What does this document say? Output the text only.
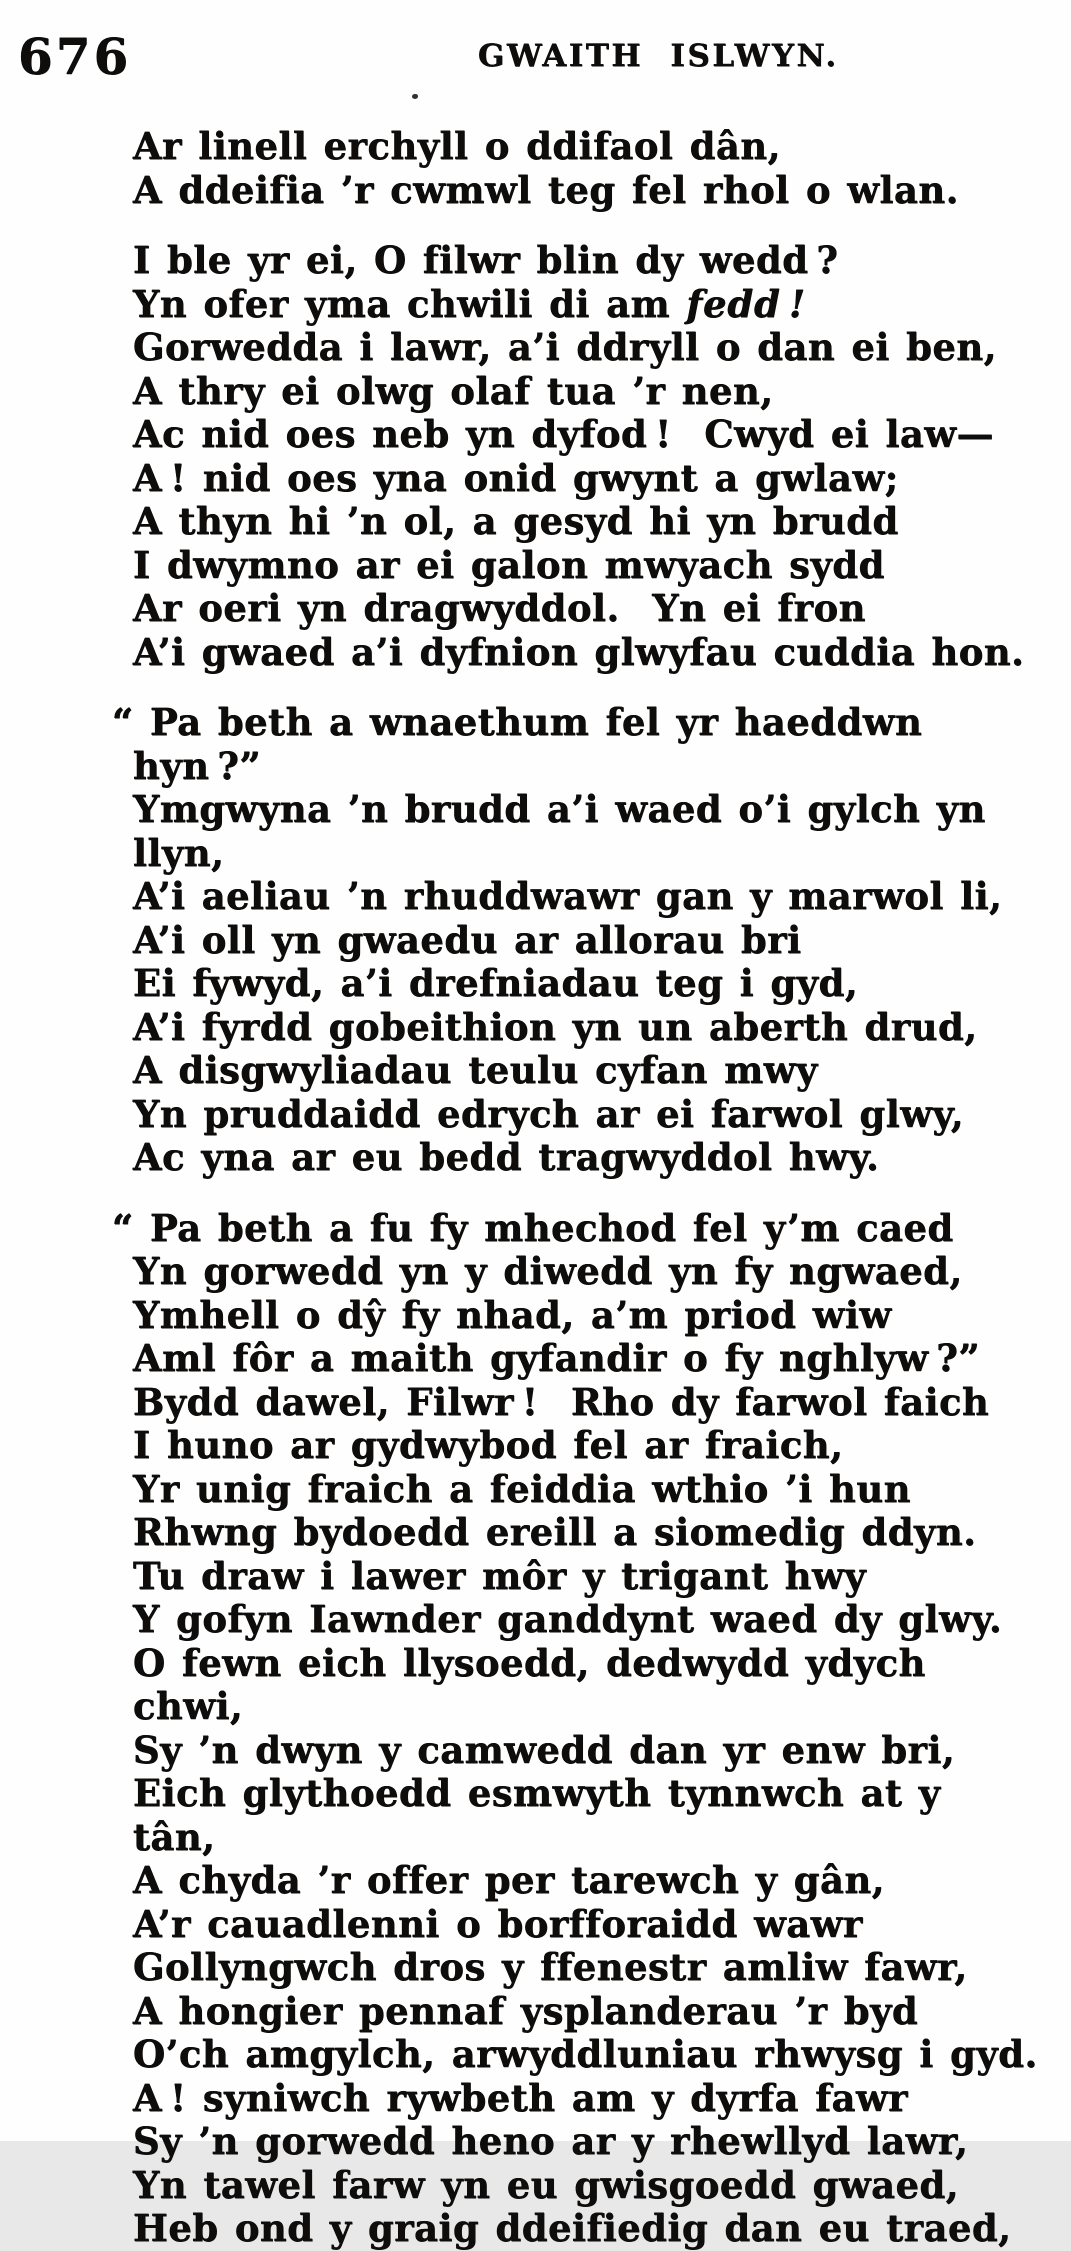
676	GWAITH ISLWYN.
Ar linell erchyll o ddifaol dân,
A ddeifia ’r cwmwl teg fel rhol o wlan.
I ble yr ei, O filwr blin dy wedd ?
Yn ofer yma chwili di am fedd !
Gorwedda i lawr, a’i ddryll o dan ei ben,
A thry ei olwg olaf tua ’r nen,
Ac nid oes neb yn dyfod !  Cwyd ei law—
A ! nid oes yna onid gwynt a gwlaw;
A thyn hi ’n ol, a gesyd hi yn brudd
I dwymno ar ei galon mwyach sydd
Ar oeri yn dragwyddol.  Yn ei fron
A’i gwaed a’i dyfnion glwyfau cuddia hon.
“ Pa beth a wnaethum fel yr haeddwn hyn ?”
Ymgwyna ’n brudd a’i waed o’i gylch yn llyn,
A’i aeliau ’n rhuddwawr gan y marwol li,
A’i oll yn gwaedu ar allorau bri
Ei fywyd, a’i drefniadau teg i gyd,
A’i fyrdd gobeithion yn un aberth drud,
A disgwyliadau teulu cyfan mwy
Yn pruddaidd edrych ar ei farwol glwy,
Ac yna ar eu bedd tragwyddol hwy.
“ Pa beth a fu fy mhechod fel y’m caed
Yn gorwedd yn y diwedd yn fy ngwaed,
Ymhell o dŷ fy nhad, a’m priod wiw
Aml fôr a maith gyfandir o fy nghlyw ?”
Bydd dawel, Filwr !  Rho dy farwol faich
I huno ar gydwybod fel ar fraich,
Yr unig fraich a feiddia wthio ’i hun
Rhwng bydoedd ereill a siomedig ddyn.
Tu draw i lawer môr y trigant hwy
Y gofyn Iawnder ganddynt waed dy glwy.
O fewn eich llysoedd, dedwydd ydych chwi,
Sy ’n dwyn y camwedd dan yr enw bri,
Eich glythoedd esmwyth tynnwch at y tân,
A chyda ’r offer per tarewch y gân,
A’r cauadlenni o borfforaidd wawr
Gollyngwch dros y ffenestr amliw fawr,
A hongier pennaf ysplanderau ’r byd
O’ch amgylch, arwyddluniau rhwysg i gyd.
A ! syniwch rywbeth am y dyrfa fawr
Sy ’n gorwedd heno ar y rhewllyd lawr,
Yn tawel farw yn eu gwisgoedd gwaed,
Heb ond y graig ddeifiedig dan eu traed,
